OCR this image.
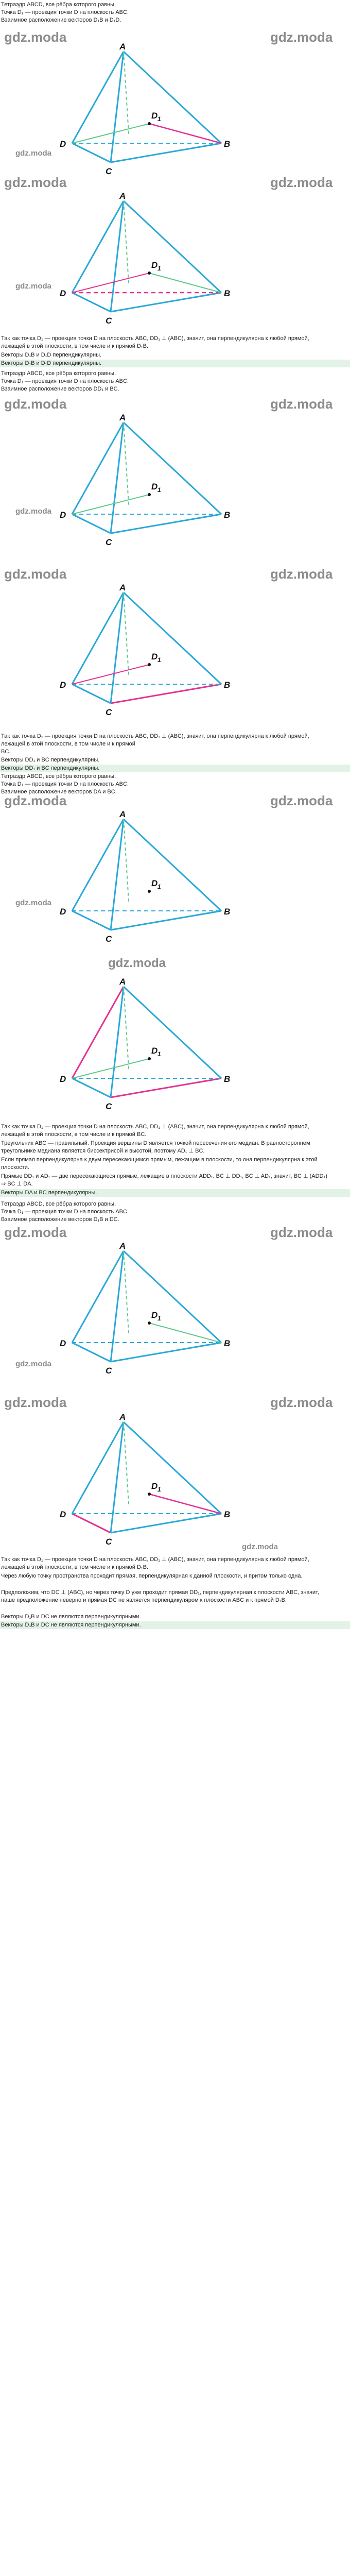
Тетраэдр ABCD, все рёбра которого равны.
Точка D₁ — проекция точки D на плоскость ABC.
Взаимное расположение векторов D₁B и D₁D.
gdz.moda	gdz.moda
A
D	B
C
D 1
gdz.moda
gdz.moda	gdz.moda
A
D	B
C
D 1
gdz.moda
Так как точка D₁ — проекция точки D на плоскость ABC, DD₁ ⊥ (ABC), значит, она перпендикулярна к любой прямой, лежащей в этой плоскости, в том числе и к прямой D₁B.
Векторы D₁B и D₁D перпендикулярны.
Векторы D₁B и D₁D перпендикулярны.
Тетраэдр ABCD, все рёбра которого равны.
Точка D₁ — проекция точки D на плоскость ABC.
Взаимное расположение векторов DD₁ и BC.
gdz.moda	gdz.moda
A
D	B
C
D 1
gdz.moda
gdz.moda	gdz.moda
A
D	B
C
D 1
Так как точка D₁ — проекция точки D на плоскость ABC, DD₁ ⊥ (ABC), значит, она перпендикулярна к любой прямой, лежащей в этой плоскости, в том числе и к прямой
BC.
Векторы DD₁ и BC перпендикулярны.
Векторы DD₁ и BC перпендикулярны.
Тетраэдр ABCD, все рёбра которого равны.
Точка D₁ — проекция точки D на плоскость ABC.
Взаимное расположение векторов DA и BC.
gdz.moda	gdz.moda
A
D	B
C
D 1
gdz.moda
gdz.moda
A
D	B
C
D 1
Так как точка D₁ — проекция точки D на плоскость ABC, DD₁ ⊥ (ABC), значит, она перпендикулярна к любой прямой, лежащей в этой плоскости, в том числе и к прямой BC.
Треугольник ABC — правильный. Проекция вершины D является точкой пересечения его медиан. В равностороннем треугольнике медиана является биссектрисой и высотой, поэтому AD₁ ⊥ BC.
Если прямая перпендикулярна к двум пересекающимся прямым, лежащим в плоскости, то она перпендикулярна к этой плоскости.
Прямые DD₁ и AD₁ — две пересекающиеся прямые, лежащие в плоскости ADD₁. BC ⊥ DD₁, BC ⊥ AD₁, значит, BC ⊥ (ADD₁) ⇒ BC ⊥ DA.
Векторы DA и BC перпендикулярны.
Тетраэдр ABCD, все рёбра которого равны.
Точка D₁ — проекция точки D на плоскость ABC.
Взаимное расположение векторов D₁B и DC.
gdz.moda	gdz.moda
A
D	B
C
D 1
gdz.moda
gdz.moda	gdz.moda
A
D	B
C
D 1
gdz.moda
Так как точка D₁ — проекция точки D на плоскость ABC, DD₁ ⊥ (ABC), значит, она перпендикулярна к любой прямой, лежащей в этой плоскости, в том числе и к прямой D₁B.
Через любую точку пространства проходит прямая, перпендикулярная к данной плоскости, и притом только одна.
Предположим, что DC ⊥ (ABC), но через точку D уже проходит прямая DD₁, перпендикулярная к плоскости ABC, значит, наше предположение неверно и прямая DC не является перпендикуляром к плоскости ABC и к прямой D₁B.
Векторы D₁B и DC не являются перпендикулярными.
Векторы D₁B и DC не являются перпендикулярными.
